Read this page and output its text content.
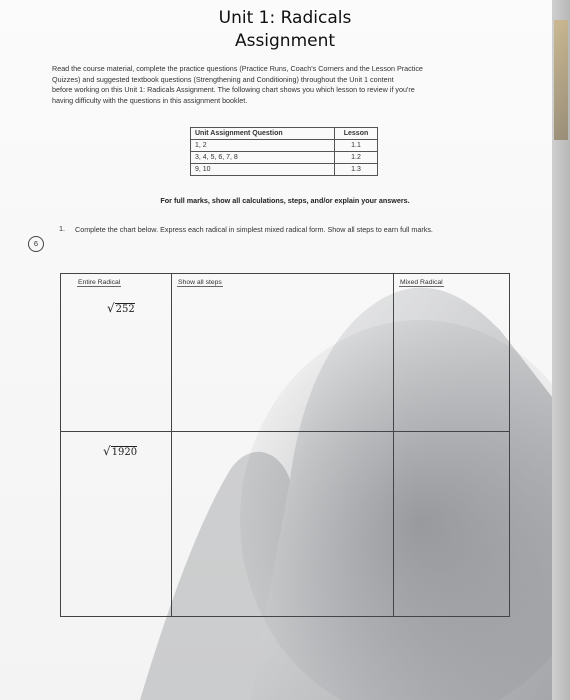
Unit 1: Radicals
Assignment

Read the course material, complete the practice questions (Practice Runs, Coach's Corners and the Lesson Practice

Quizzes) and suggested textbook questions (Strengthening and Conditioning) throughout the Unit 1 content

before working on this Unit 1: Radicals Assignment. The following chart shows you which lesson to review if you're

having difficulty with the questions in this assignment booklet.

Unit Assignment Question	Lesson
1, 2	1.1
3, 4, 5, 6, 7, 8	1.2
9, 10	1.3
For full marks, show all calculations, steps, and/or explain your answers.
1. Complete the chart below. Express each radical in simplest mixed radical form. Show all steps to earn full marks.
6
Entire Radical	Show all steps	Mixed Radical
√252
√1920
